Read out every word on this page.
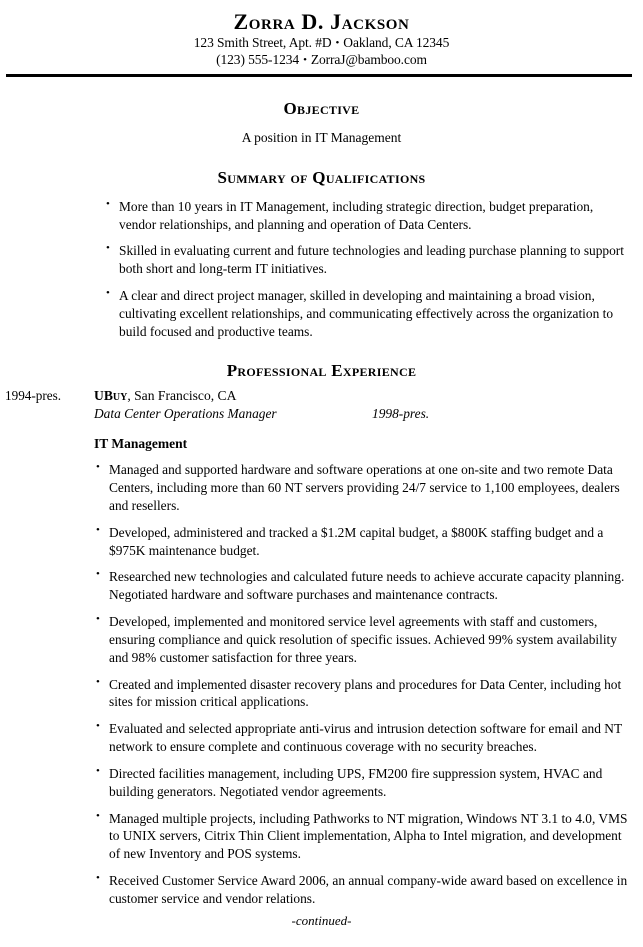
Zorra D. Jackson
123 Smith Street, Apt. #D • Oakland, CA 12345
(123) 555-1234 • ZorraJ@bamboo.com
Objective
A position in IT Management
Summary of Qualifications
• More than 10 years in IT Management, including strategic direction, budget preparation, vendor relationships, and planning and operation of Data Centers.
• Skilled in evaluating current and future technologies and leading purchase planning to support both short and long-term IT initiatives.
• A clear and direct project manager, skilled in developing and maintaining a broad vision, cultivating excellent relationships, and communicating effectively across the organization to build focused and productive teams.
Professional Experience
1994-pres.	UBuy, San Francisco, CA
Data Center Operations Manager	1998-pres.
IT Management
• Managed and supported hardware and software operations at one on-site and two remote Data Centers, including more than 60 NT servers providing 24/7 service to 1,100 employees, dealers and resellers.
• Developed, administered and tracked a $1.2M capital budget, a $800K staffing budget and a $975K maintenance budget.
• Researched new technologies and calculated future needs to achieve accurate capacity planning. Negotiated hardware and software purchases and maintenance contracts.
• Developed, implemented and monitored service level agreements with staff and customers, ensuring compliance and quick resolution of specific issues. Achieved 99% system availability and 98% customer satisfaction for three years.
• Created and implemented disaster recovery plans and procedures for Data Center, including hot sites for mission critical applications.
• Evaluated and selected appropriate anti-virus and intrusion detection software for email and NT network to ensure complete and continuous coverage with no security breaches.
• Directed facilities management, including UPS, FM200 fire suppression system, HVAC and building generators. Negotiated vendor agreements.
• Managed multiple projects, including Pathworks to NT migration, Windows NT 3.1 to 4.0, VMS to UNIX servers, Citrix Thin Client implementation, Alpha to Intel migration, and development of new Inventory and POS systems.
• Received Customer Service Award 2006, an annual company-wide award based on excellence in customer service and vendor relations.
-continued-
